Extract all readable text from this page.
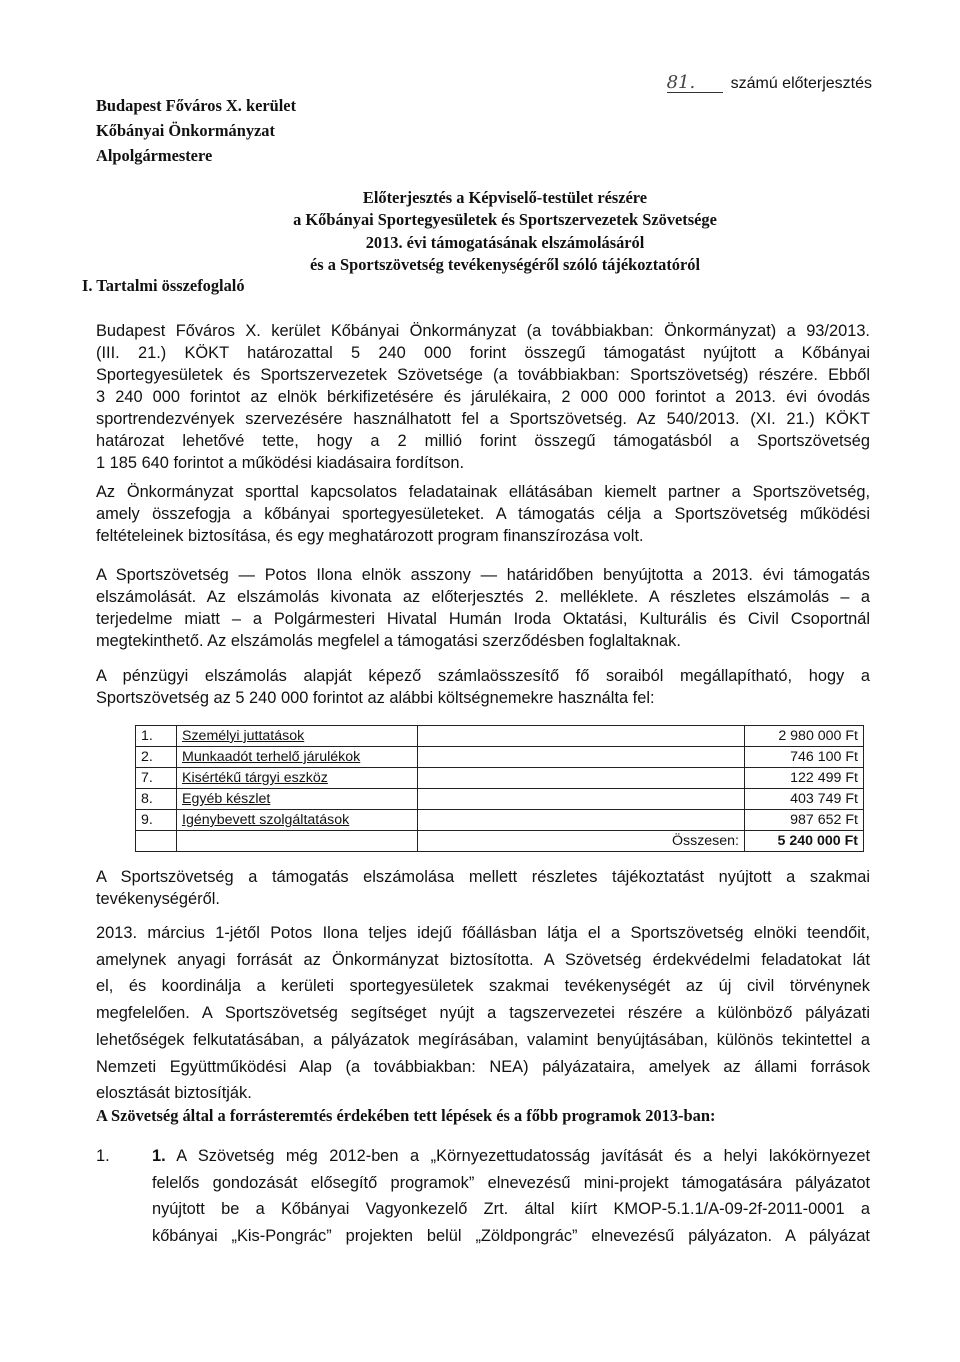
81. számú előterjesztés
Budapest Főváros X. kerület
Kőbányai Önkormányzat
Alpolgármestere
Előterjesztés a Képviselő-testület részére
a Kőbányai Sportegyesületek és Sportszervezetek Szövetsége
2013. évi támogatásának elszámolásáról
és a Sportszövetség tevékenységéről szóló tájékoztatóról
I. Tartalmi összefoglaló
Budapest Főváros X. kerület Kőbányai Önkormányzat (a továbbiakban: Önkormányzat) a 93/2013.
(III. 21.) KÖKT határozattal 5 240 000 forint összegű támogatást nyújtott a Kőbányai
Sportegyesületek és Sportszervezetek Szövetsége (a továbbiakban: Sportszövetség) részére. Ebből
3 240 000 forintot az elnök bérkifizetésére és járulékaira, 2 000 000 forintot a 2013. évi óvodás
sportrendezvények szervezésére használhatott fel a Sportszövetség. Az 540/2013. (XI. 21.) KÖKT
határozat lehetővé tette, hogy a 2 millió forint összegű támogatásból a Sportszövetség
1 185 640 forintot a működési kiadásaira fordítson.
Az Önkormányzat sporttal kapcsolatos feladatainak ellátásában kiemelt partner a Sportszövetség,
amely összefogja a kőbányai sportegyesületeket. A támogatás célja a Sportszövetség működési
feltételeinek biztosítása, és egy meghatározott program finanszírozása volt.
A Sportszövetség — Potos Ilona elnök asszony — határidőben benyújtotta a 2013. évi támogatás
elszámolását. Az elszámolás kivonata az előterjesztés 2. melléklete. A részletes elszámolás – a
terjedelme miatt – a Polgármesteri Hivatal Humán Iroda Oktatási, Kulturális és Civil Csoportnál
megtekinthető. Az elszámolás megfelel a támogatási szerződésben foglaltaknak.
A pénzügyi elszámolás alapját képező számlaösszesítő fő soraiból megállapítható, hogy a
Sportszövetség az 5 240 000 forintot az alábbi költségnemekre használta fel:
1.	Személyi juttatások		2 980 000 Ft
2.	Munkaadót terhelő járulékok		746 100 Ft
7.	Kisértékű tárgyi eszköz		122 499 Ft
8.	Egyéb készlet		403 749 Ft
9.	Igénybevett szolgáltatások		987 652 Ft
		Összesen:	5 240 000 Ft
A Sportszövetség a támogatás elszámolása mellett részletes tájékoztatást nyújtott a szakmai
tevékenységéről.
2013. március 1-jétől Potos Ilona teljes idejű főállásban látja el a Sportszövetség elnöki teendőit,
amelynek anyagi forrását az Önkormányzat biztosította. A Szövetség érdekvédelmi feladatokat lát
el, és koordinálja a kerületi sportegyesületek szakmai tevékenységét az új civil törvénynek
megfelelően. A Sportszövetség segítséget nyújt a tagszervezetei részére a különböző pályázati
lehetőségek felkutatásában, a pályázatok megírásában, valamint benyújtásában, különös tekintettel a
Nemzeti Együttműködési Alap (a továbbiakban: NEA) pályázataira, amelyek az állami források
elosztását biztosítják.
A Szövetség által a forrásteremtés érdekében tett lépések és a főbb programok 2013-ban:
1.	1. A Szövetség még 2012-ben a „Környezettudatosság javítását és a helyi lakókörnyezet
felelős gondozását elősegítő programok” elnevezésű mini-projekt támogatására pályázatot
nyújtott be a Kőbányai Vagyonkezelő Zrt. által kiírt KMOP-5.1.1/A-09-2f-2011-0001 a
kőbányai „Kis-Pongrác” projekten belül „Zöldpongrác” elnevezésű pályázaton. A pályázat
